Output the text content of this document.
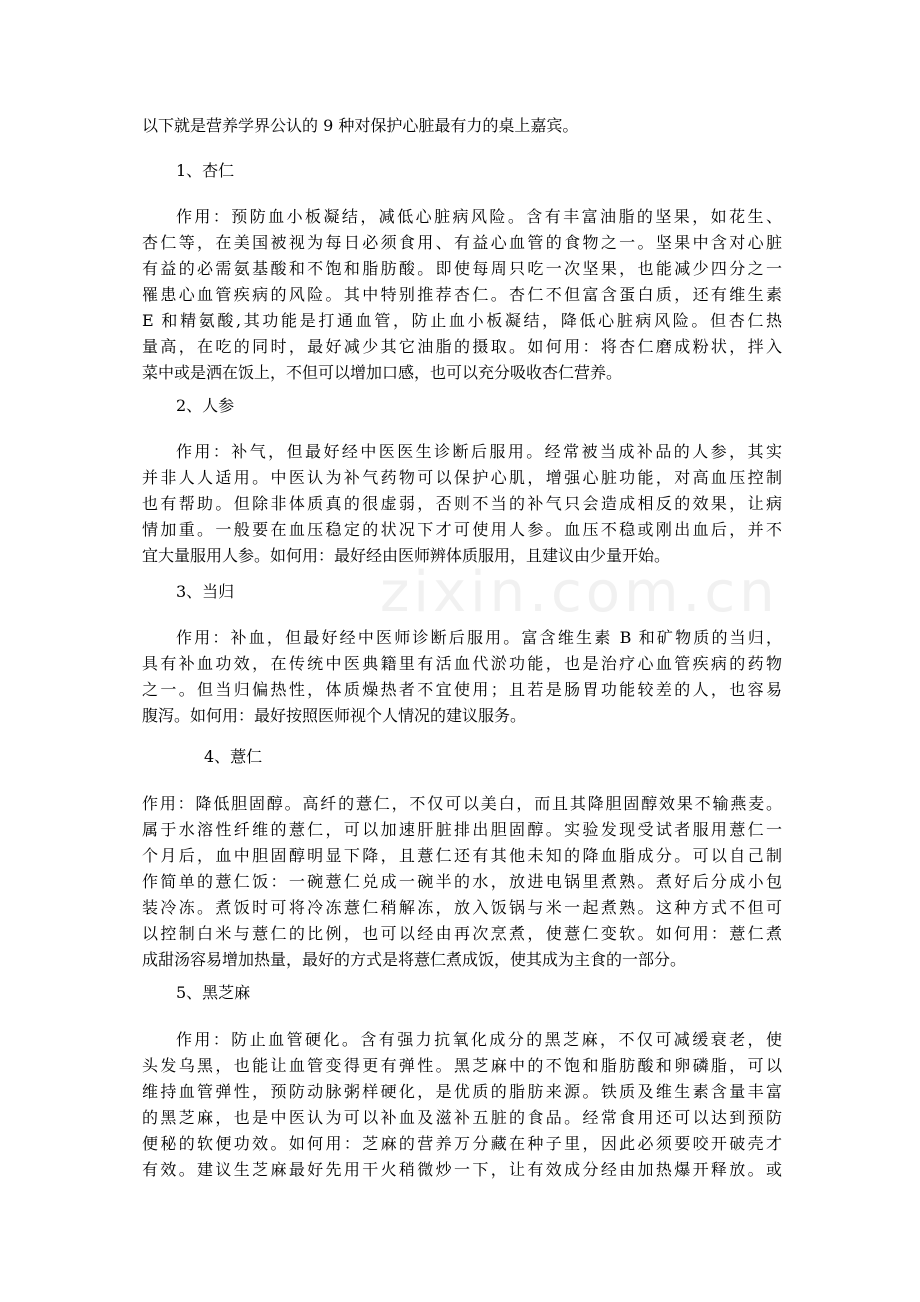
zixin.com.cn
以下就是营养学界公认的 9 种对保护心脏最有力的桌上嘉宾。
1、杏仁
作用：预防血小板凝结，减低心脏病风险。含有丰富油脂的坚果，如花生、
杏仁等，在美国被视为每日必须食用、有益心血管的食物之一。坚果中含对心脏
有益的必需氨基酸和不饱和脂肪酸。即使每周只吃一次坚果，也能减少四分之一
罹患心血管疾病的风险。其中特别推荐杏仁。杏仁不但富含蛋白质，还有维生素
E 和精氨酸,其功能是打通血管，防止血小板凝结，降低心脏病风险。但杏仁热
量高，在吃的同时，最好减少其它油脂的摄取。如何用：将杏仁磨成粉状，拌入
菜中或是洒在饭上，不但可以增加口感，也可以充分吸收杏仁营养。
2、人参
作用：补气，但最好经中医医生诊断后服用。经常被当成补品的人参，其实
并非人人适用。中医认为补气药物可以保护心肌，增强心脏功能，对高血压控制
也有帮助。但除非体质真的很虚弱，否则不当的补气只会造成相反的效果，让病
情加重。一般要在血压稳定的状况下才可使用人参。血压不稳或刚出血后，并不
宜大量服用人参。如何用：最好经由医师辨体质服用，且建议由少量开始。
3、当归
作用：补血，但最好经中医师诊断后服用。富含维生素 B 和矿物质的当归，
具有补血功效，在传统中医典籍里有活血代淤功能，也是治疗心血管疾病的药物
之一。但当归偏热性，体质燥热者不宜使用；且若是肠胃功能较差的人，也容易
腹泻。如何用：最好按照医师视个人情况的建议服务。
4、薏仁
作用：降低胆固醇。高纤的薏仁，不仅可以美白，而且其降胆固醇效果不输燕麦。
属于水溶性纤维的薏仁，可以加速肝脏排出胆固醇。实验发现受试者服用薏仁一
个月后，血中胆固醇明显下降，且薏仁还有其他未知的降血脂成分。可以自己制
作简单的薏仁饭：一碗薏仁兑成一碗半的水，放进电锅里煮熟。煮好后分成小包
装冷冻。煮饭时可将冷冻薏仁稍解冻，放入饭锅与米一起煮熟。这种方式不但可
以控制白米与薏仁的比例，也可以经由再次烹煮，使薏仁变软。如何用：薏仁煮
成甜汤容易增加热量，最好的方式是将薏仁煮成饭，使其成为主食的一部分。
5、黑芝麻
作用：防止血管硬化。含有强力抗氧化成分的黑芝麻，不仅可减缓衰老，使
头发乌黑，也能让血管变得更有弹性。黑芝麻中的不饱和脂肪酸和卵磷脂，可以
维持血管弹性，预防动脉粥样硬化，是优质的脂肪来源。铁质及维生素含量丰富
的黑芝麻，也是中医认为可以补血及滋补五脏的食品。经常食用还可以达到预防
便秘的软便功效。如何用：芝麻的营养万分藏在种子里，因此必须要咬开破壳才
有效。建议生芝麻最好先用干火稍微炒一下，让有效成分经由加热爆开释放。或
